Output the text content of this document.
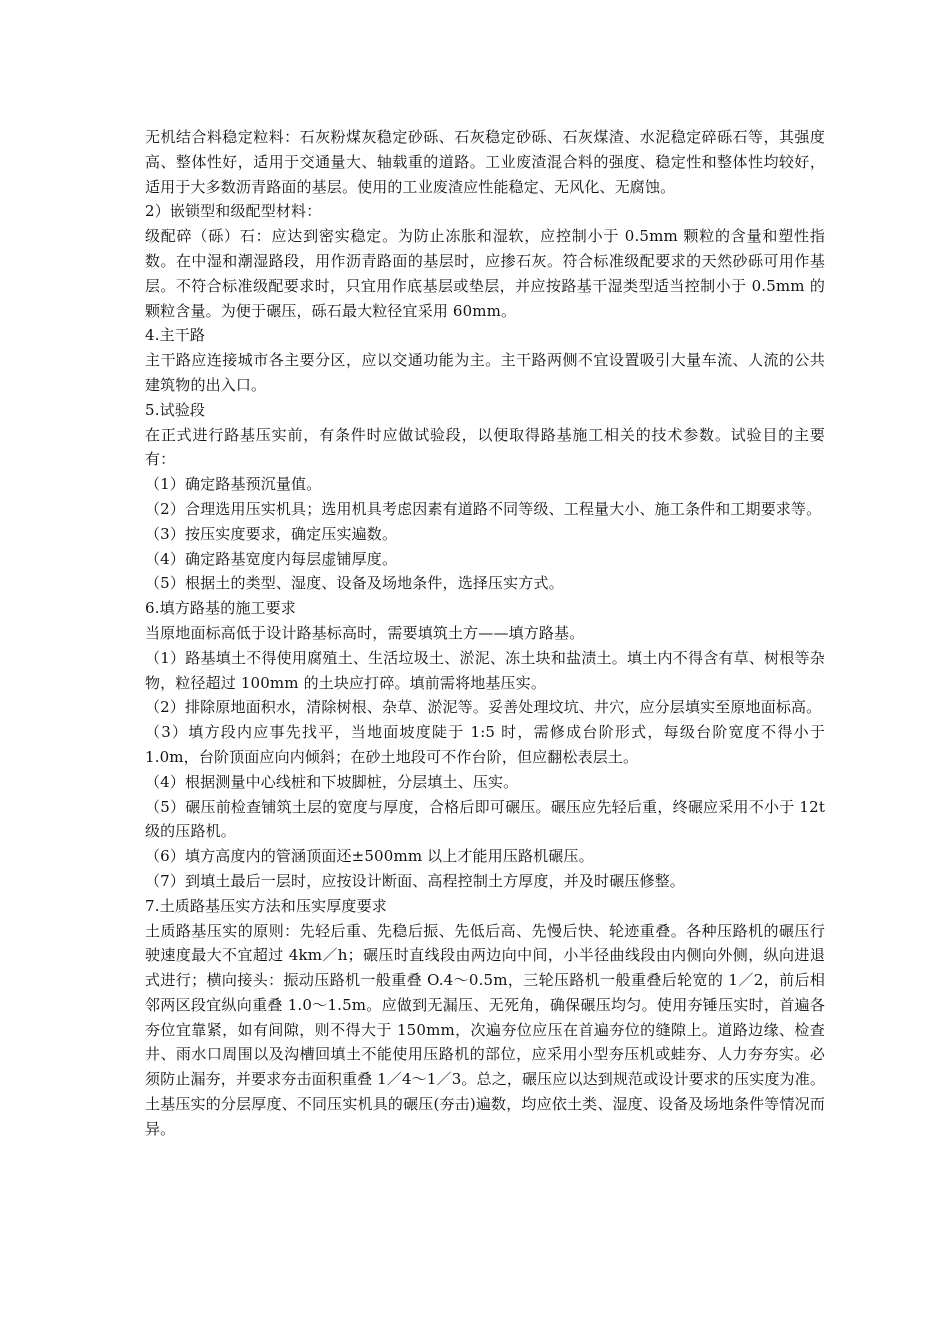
无机结合料稳定粒料：石灰粉煤灰稳定砂砾、石灰稳定砂砾、石灰煤渣、水泥稳定碎砾石等，其强度高、整体性好，适用于交通量大、轴载重的道路。工业废渣混合料的强度、稳定性和整体性均较好，适用于大多数沥青路面的基层。使用的工业废渣应性能稳定、无风化、无腐蚀。

2）嵌锁型和级配型材料：

级配碎（砾）石：应达到密实稳定。为防止冻胀和湿软，应控制小于 0.5mm 颗粒的含量和塑性指数。在中湿和潮湿路段，用作沥青路面的基层时，应掺石灰。符合标准级配要求的天然砂砾可用作基层。不符合标准级配要求时，只宜用作底基层或垫层，并应按路基干湿类型适当控制小于 0.5mm 的颗粒含量。为便于碾压，砾石最大粒径宜采用 60mm。

4.主干路

主干路应连接城市各主要分区，应以交通功能为主。主干路两侧不宜设置吸引大量车流、人流的公共建筑物的出入口。

5.试验段

在正式进行路基压实前，有条件时应做试验段，以便取得路基施工相关的技术参数。试验目的主要有：

（1）确定路基预沉量值。

（2）合理选用压实机具；选用机具考虑因素有道路不同等级、工程量大小、施工条件和工期要求等。

（3）按压实度要求，确定压实遍数。

（4）确定路基宽度内每层虚铺厚度。

（5）根据土的类型、湿度、设备及场地条件，选择压实方式。

6.填方路基的施工要求

当原地面标高低于设计路基标高时，需要填筑土方——填方路基。

（1）路基填土不得使用腐殖土、生活垃圾土、淤泥、冻土块和盐渍土。填土内不得含有草、树根等杂物，粒径超过 100mm 的土块应打碎。填前需将地基压实。

（2）排除原地面积水，清除树根、杂草、淤泥等。妥善处理坟坑、井穴，应分层填实至原地面标高。

（3）填方段内应事先找平，当地面坡度陡于 1:5 时，需修成台阶形式，每级台阶宽度不得小于 1.0m，台阶顶面应向内倾斜；在砂土地段可不作台阶，但应翻松表层土。

（4）根据测量中心线桩和下坡脚桩，分层填土、压实。

（5）碾压前检查铺筑土层的宽度与厚度，合格后即可碾压。碾压应先轻后重，终碾应采用不小于 12t 级的压路机。

（6）填方高度内的管涵顶面还±500mm 以上才能用压路机碾压。

（7）到填土最后一层时，应按设计断面、高程控制土方厚度，并及时碾压修整。

7.土质路基压实方法和压实厚度要求

土质路基压实的原则：先轻后重、先稳后振、先低后高、先慢后快、轮迹重叠。各种压路机的碾压行驶速度最大不宜超过 4km／h；碾压时直线段由两边向中间，小半径曲线段由内侧向外侧，纵向进退式进行；横向接头：振动压路机一般重叠 O.4～0.5m，三轮压路机一般重叠后轮宽的 1／2，前后相邻两区段宜纵向重叠 1.0～1.5m。应做到无漏压、无死角，确保碾压均匀。使用夯锤压实时，首遍各夯位宜靠紧，如有间隙，则不得大于 150mm，次遍夯位应压在首遍夯位的缝隙上。道路边缘、检查井、雨水口周围以及沟槽回填土不能使用压路机的部位，应采用小型夯压机或蛙夯、人力夯夯实。必须防止漏夯，并要求夯击面积重叠 1／4～1／3。总之，碾压应以达到规范或设计要求的压实度为准。土基压实的分层厚度、不同压实机具的碾压(夯击)遍数，均应依土类、湿度、设备及场地条件等情况而异。
